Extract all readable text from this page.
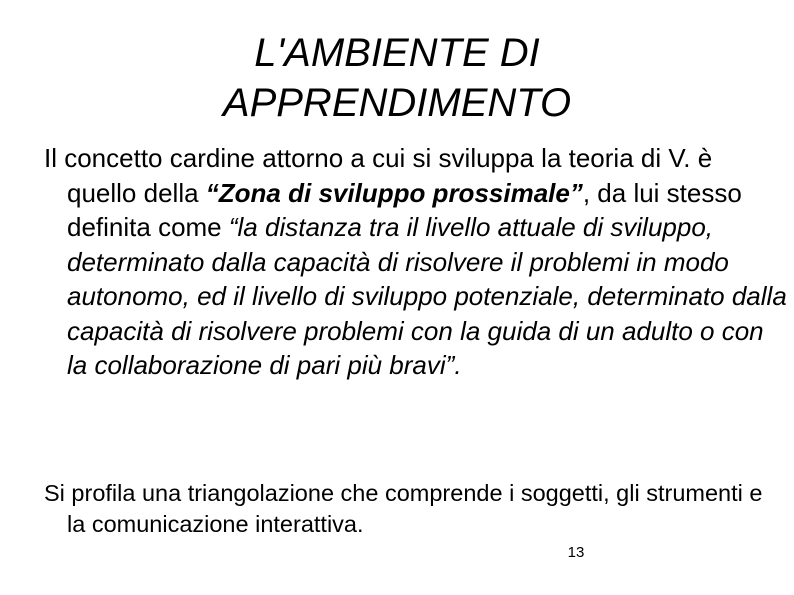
L'AMBIENTE DI
APPRENDIMENTO

Il concetto cardine attorno a cui si sviluppa la teoria di V. è quello della “Zona di sviluppo prossimale”, da lui stesso definita come “la distanza tra il livello attuale di sviluppo, determinato dalla capacità di risolvere il problemi in modo autonomo, ed il livello di sviluppo potenziale, determinato dalla capacità di risolvere problemi con la guida di un adulto o con la collaborazione di pari più bravi”.

Si profila una triangolazione che comprende i soggetti, gli strumenti e la comunicazione interattiva.

13
